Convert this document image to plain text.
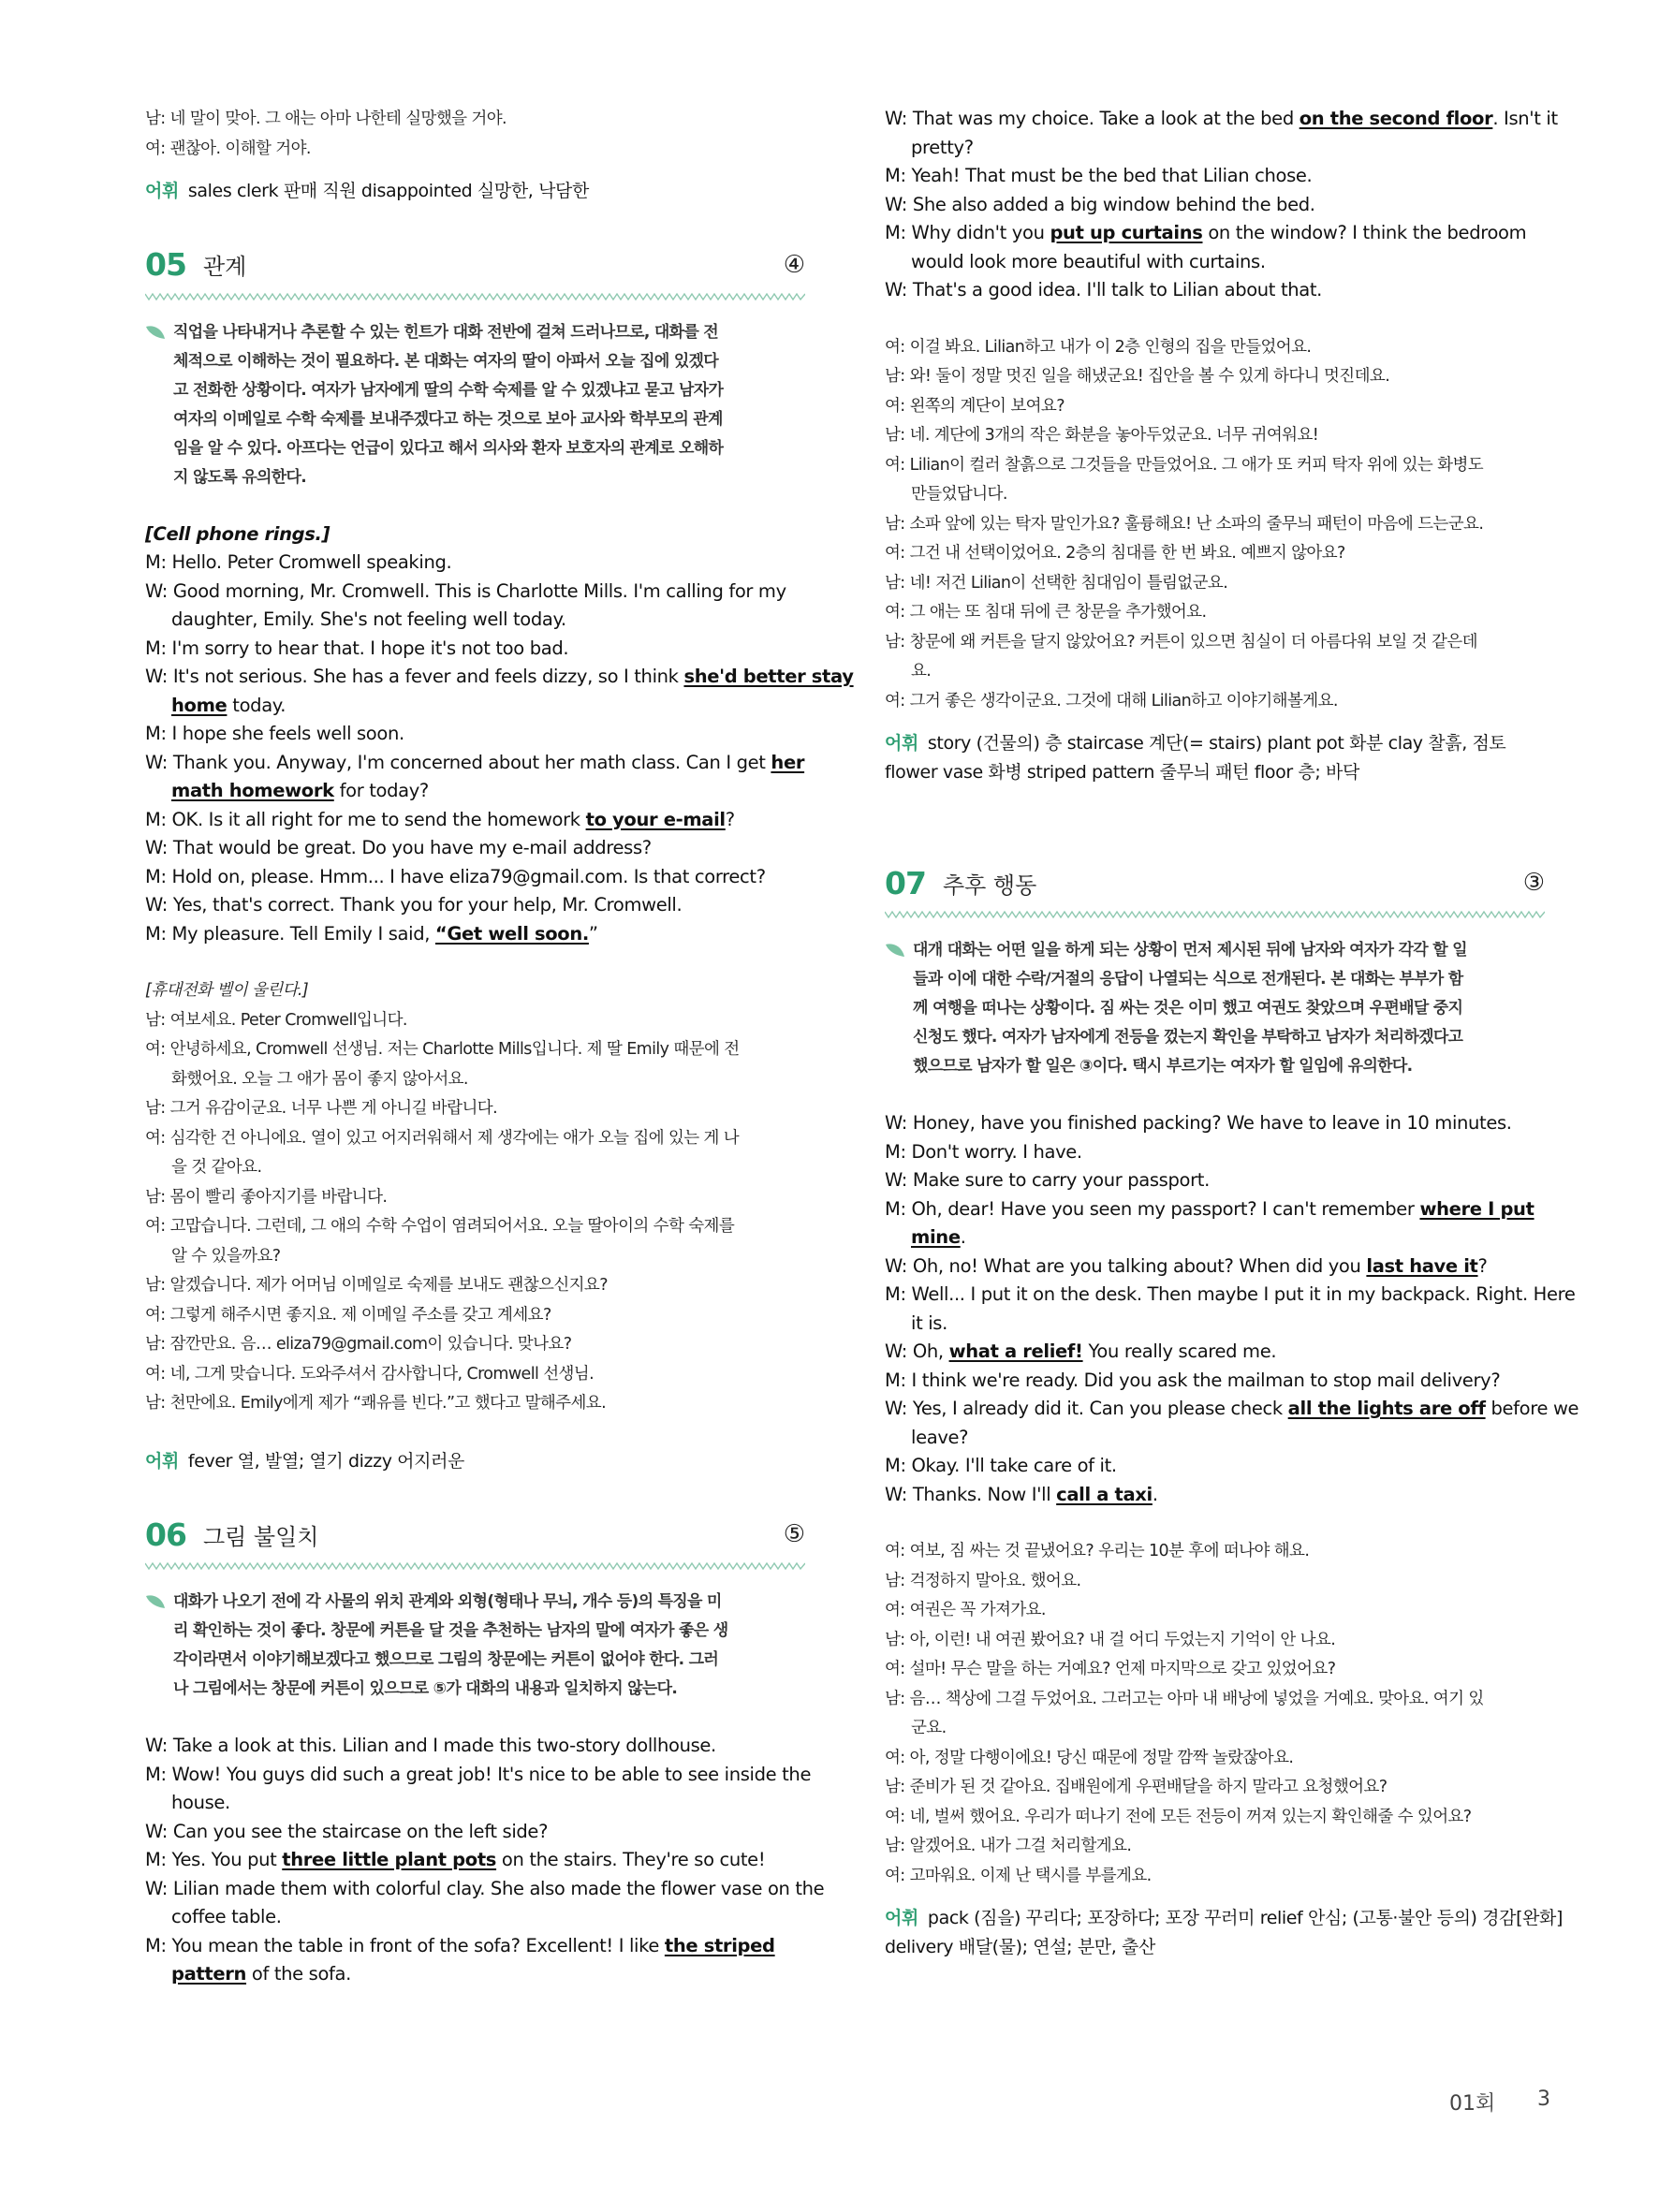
남: 네 말이 맞아. 그 애는 아마 나한테 실망했을 거야.
여: 괜찮아. 이해할 거야.
어휘 sales clerk 판매 직원 disappointed 실망한, 낙담한
05 관계	④
직업을 나타내거나 추론할 수 있는 힌트가 대화 전반에 걸쳐 드러나므로, 대화를 전
체적으로 이해하는 것이 필요하다. 본 대화는 여자의 딸이 아파서 오늘 집에 있겠다
고 전화한 상황이다. 여자가 남자에게 딸의 수학 숙제를 알 수 있겠냐고 묻고 남자가
여자의 이메일로 수학 숙제를 보내주겠다고 하는 것으로 보아 교사와 학부모의 관계
임을 알 수 있다. 아프다는 언급이 있다고 해서 의사와 환자 보호자의 관계로 오해하
지 않도록 유의한다.
[Cell phone rings.]
M: Hello. Peter Cromwell speaking.
W: Good morning, Mr. Cromwell. This is Charlotte Mills. I'm calling for my
daughter, Emily. She's not feeling well today.
M: I'm sorry to hear that. I hope it's not too bad.
W: It's not serious. She has a fever and feels dizzy, so I think she'd better stay
home today.
M: I hope she feels well soon.
W: Thank you. Anyway, I'm concerned about her math class. Can I get her
math homework for today?
M: OK. Is it all right for me to send the homework to your e-mail?
W: That would be great. Do you have my e-mail address?
M: Hold on, please. Hmm... I have eliza79@gmail.com. Is that correct?
W: Yes, that's correct. Thank you for your help, Mr. Cromwell.
M: My pleasure. Tell Emily I said, “Get well soon.”
[휴대전화 벨이 울린다.]
남: 여보세요. Peter Cromwell입니다.
여: 안녕하세요, Cromwell 선생님. 저는 Charlotte Mills입니다. 제 딸 Emily 때문에 전
화했어요. 오늘 그 애가 몸이 좋지 않아서요.
남: 그거 유감이군요. 너무 나쁜 게 아니길 바랍니다.
여: 심각한 건 아니에요. 열이 있고 어지러워해서 제 생각에는 애가 오늘 집에 있는 게 나
을 것 같아요.
남: 몸이 빨리 좋아지기를 바랍니다.
여: 고맙습니다. 그런데, 그 애의 수학 수업이 염려되어서요. 오늘 딸아이의 수학 숙제를
알 수 있을까요?
남: 알겠습니다. 제가 어머님 이메일로 숙제를 보내도 괜찮으신지요?
여: 그렇게 해주시면 좋지요. 제 이메일 주소를 갖고 계세요?
남: 잠깐만요. 음… eliza79@gmail.com이 있습니다. 맞나요?
여: 네, 그게 맞습니다. 도와주셔서 감사합니다, Cromwell 선생님.
남: 천만에요. Emily에게 제가 “쾌유를 빈다.”고 했다고 말해주세요.
어휘 fever 열, 발열; 열기 dizzy 어지러운
06 그림 불일치	⑤
대화가 나오기 전에 각 사물의 위치 관계와 외형(형태나 무늬, 개수 등)의 특징을 미
리 확인하는 것이 좋다. 창문에 커튼을 달 것을 추천하는 남자의 말에 여자가 좋은 생
각이라면서 이야기해보겠다고 했으므로 그림의 창문에는 커튼이 없어야 한다. 그러
나 그림에서는 창문에 커튼이 있으므로 ⑤가 대화의 내용과 일치하지 않는다.
W: Take a look at this. Lilian and I made this two-story dollhouse.
M: Wow! You guys did such a great job! It's nice to be able to see inside the
house.
W: Can you see the staircase on the left side?
M: Yes. You put three little plant pots on the stairs. They're so cute!
W: Lilian made them with colorful clay. She also made the flower vase on the
coffee table.
M: You mean the table in front of the sofa? Excellent! I like the striped
pattern of the sofa.
W: That was my choice. Take a look at the bed on the second floor. Isn't it
pretty?
M: Yeah! That must be the bed that Lilian chose.
W: She also added a big window behind the bed.
M: Why didn't you put up curtains on the window? I think the bedroom
would look more beautiful with curtains.
W: That's a good idea. I'll talk to Lilian about that.
여: 이걸 봐요. Lilian하고 내가 이 2층 인형의 집을 만들었어요.
남: 와! 둘이 정말 멋진 일을 해냈군요! 집안을 볼 수 있게 하다니 멋진데요.
여: 왼쪽의 계단이 보여요?
남: 네. 계단에 3개의 작은 화분을 놓아두었군요. 너무 귀여워요!
여: Lilian이 컬러 찰흙으로 그것들을 만들었어요. 그 애가 또 커피 탁자 위에 있는 화병도
만들었답니다.
남: 소파 앞에 있는 탁자 말인가요? 훌륭해요! 난 소파의 줄무늬 패턴이 마음에 드는군요.
여: 그건 내 선택이었어요. 2층의 침대를 한 번 봐요. 예쁘지 않아요?
남: 네! 저건 Lilian이 선택한 침대임이 틀림없군요.
여: 그 애는 또 침대 뒤에 큰 창문을 추가했어요.
남: 창문에 왜 커튼을 달지 않았어요? 커튼이 있으면 침실이 더 아름다워 보일 것 같은데
요.
여: 그거 좋은 생각이군요. 그것에 대해 Lilian하고 이야기해볼게요.
어휘 story (건물의) 층 staircase 계단(= stairs) plant pot 화분 clay 찰흙, 점토
flower vase 화병 striped pattern 줄무늬 패턴 floor 층; 바닥
07 추후 행동	③
대개 대화는 어떤 일을 하게 되는 상황이 먼저 제시된 뒤에 남자와 여자가 각각 할 일
들과 이에 대한 수락/거절의 응답이 나열되는 식으로 전개된다. 본 대화는 부부가 함
께 여행을 떠나는 상황이다. 짐 싸는 것은 이미 했고 여권도 찾았으며 우편배달 중지
신청도 했다. 여자가 남자에게 전등을 껐는지 확인을 부탁하고 남자가 처리하겠다고
했으므로 남자가 할 일은 ③이다. 택시 부르기는 여자가 할 일임에 유의한다.
W: Honey, have you finished packing? We have to leave in 10 minutes.
M: Don't worry. I have.
W: Make sure to carry your passport.
M: Oh, dear! Have you seen my passport? I can't remember where I put
mine.
W: Oh, no! What are you talking about? When did you last have it?
M: Well... I put it on the desk. Then maybe I put it in my backpack. Right. Here
it is.
W: Oh, what a relief! You really scared me.
M: I think we're ready. Did you ask the mailman to stop mail delivery?
W: Yes, I already did it. Can you please check all the lights are off before we
leave?
M: Okay. I'll take care of it.
W: Thanks. Now I'll call a taxi.
여: 여보, 짐 싸는 것 끝냈어요? 우리는 10분 후에 떠나야 해요.
남: 걱정하지 말아요. 했어요.
여: 여권은 꼭 가져가요.
남: 아, 이런! 내 여권 봤어요? 내 걸 어디 두었는지 기억이 안 나요.
여: 설마! 무슨 말을 하는 거예요? 언제 마지막으로 갖고 있었어요?
남: 음… 책상에 그걸 두었어요. 그러고는 아마 내 배낭에 넣었을 거예요. 맞아요. 여기 있
군요.
여: 아, 정말 다행이에요! 당신 때문에 정말 깜짝 놀랐잖아요.
남: 준비가 된 것 같아요. 집배원에게 우편배달을 하지 말라고 요청했어요?
여: 네, 벌써 했어요. 우리가 떠나기 전에 모든 전등이 꺼져 있는지 확인해줄 수 있어요?
남: 알겠어요. 내가 그걸 처리할게요.
여: 고마워요. 이제 난 택시를 부를게요.
어휘 pack (짐을) 꾸리다; 포장하다; 포장 꾸러미 relief 안심; (고통·불안 등의) 경감[완화]
delivery 배달(물); 연설; 분만, 출산
01회 3
